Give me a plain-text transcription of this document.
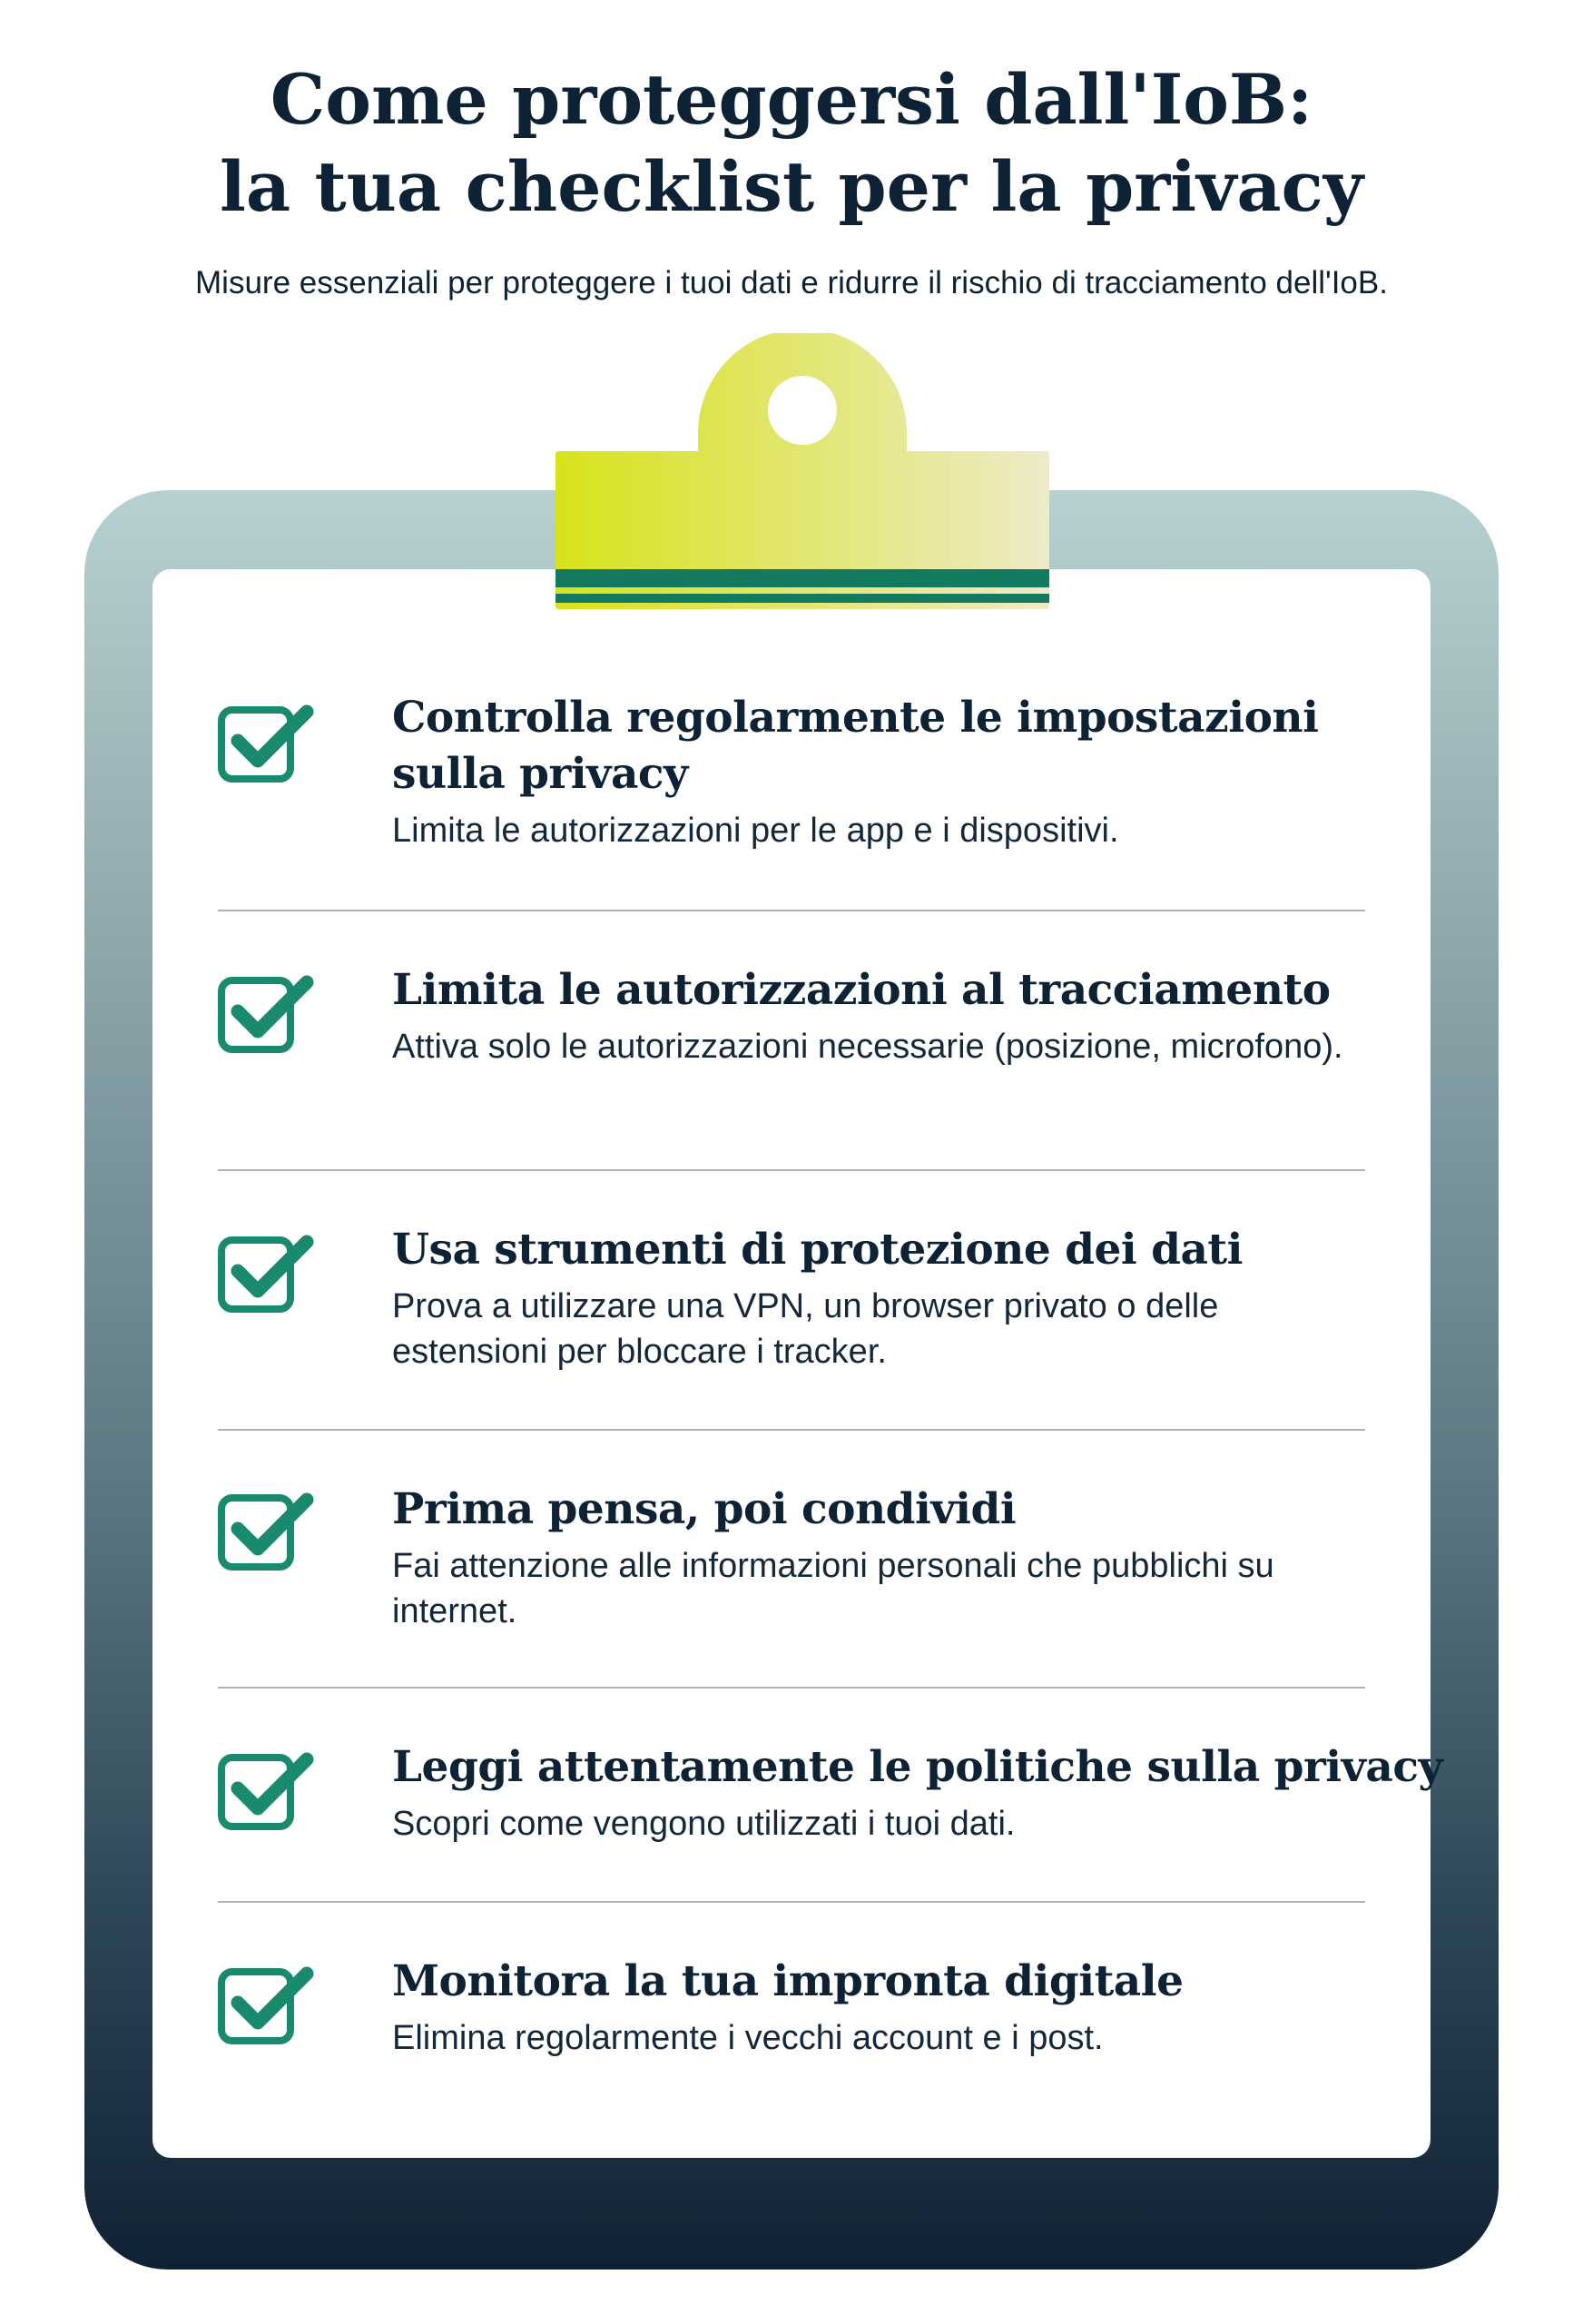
Come proteggersi dall'IoB:
la tua checklist per la privacy
Misure essenziali per proteggere i tuoi dati e ridurre il rischio di tracciamento dell'IoB.
Controlla regolarmente le impostazioni sulla privacy
Limita le autorizzazioni per le app e i dispositivi.
Limita le autorizzazioni al tracciamento
Attiva solo le autorizzazioni necessarie (posizione, microfono).
Usa strumenti di protezione dei dati
Prova a utilizzare una VPN, un browser privato o delle estensioni per bloccare i tracker.
Prima pensa, poi condividi
Fai attenzione alle informazioni personali che pubblichi su internet.
Leggi attentamente le politiche sulla privacy
Scopri come vengono utilizzati i tuoi dati.
Monitora la tua impronta digitale
Elimina regolarmente i vecchi account e i post.
